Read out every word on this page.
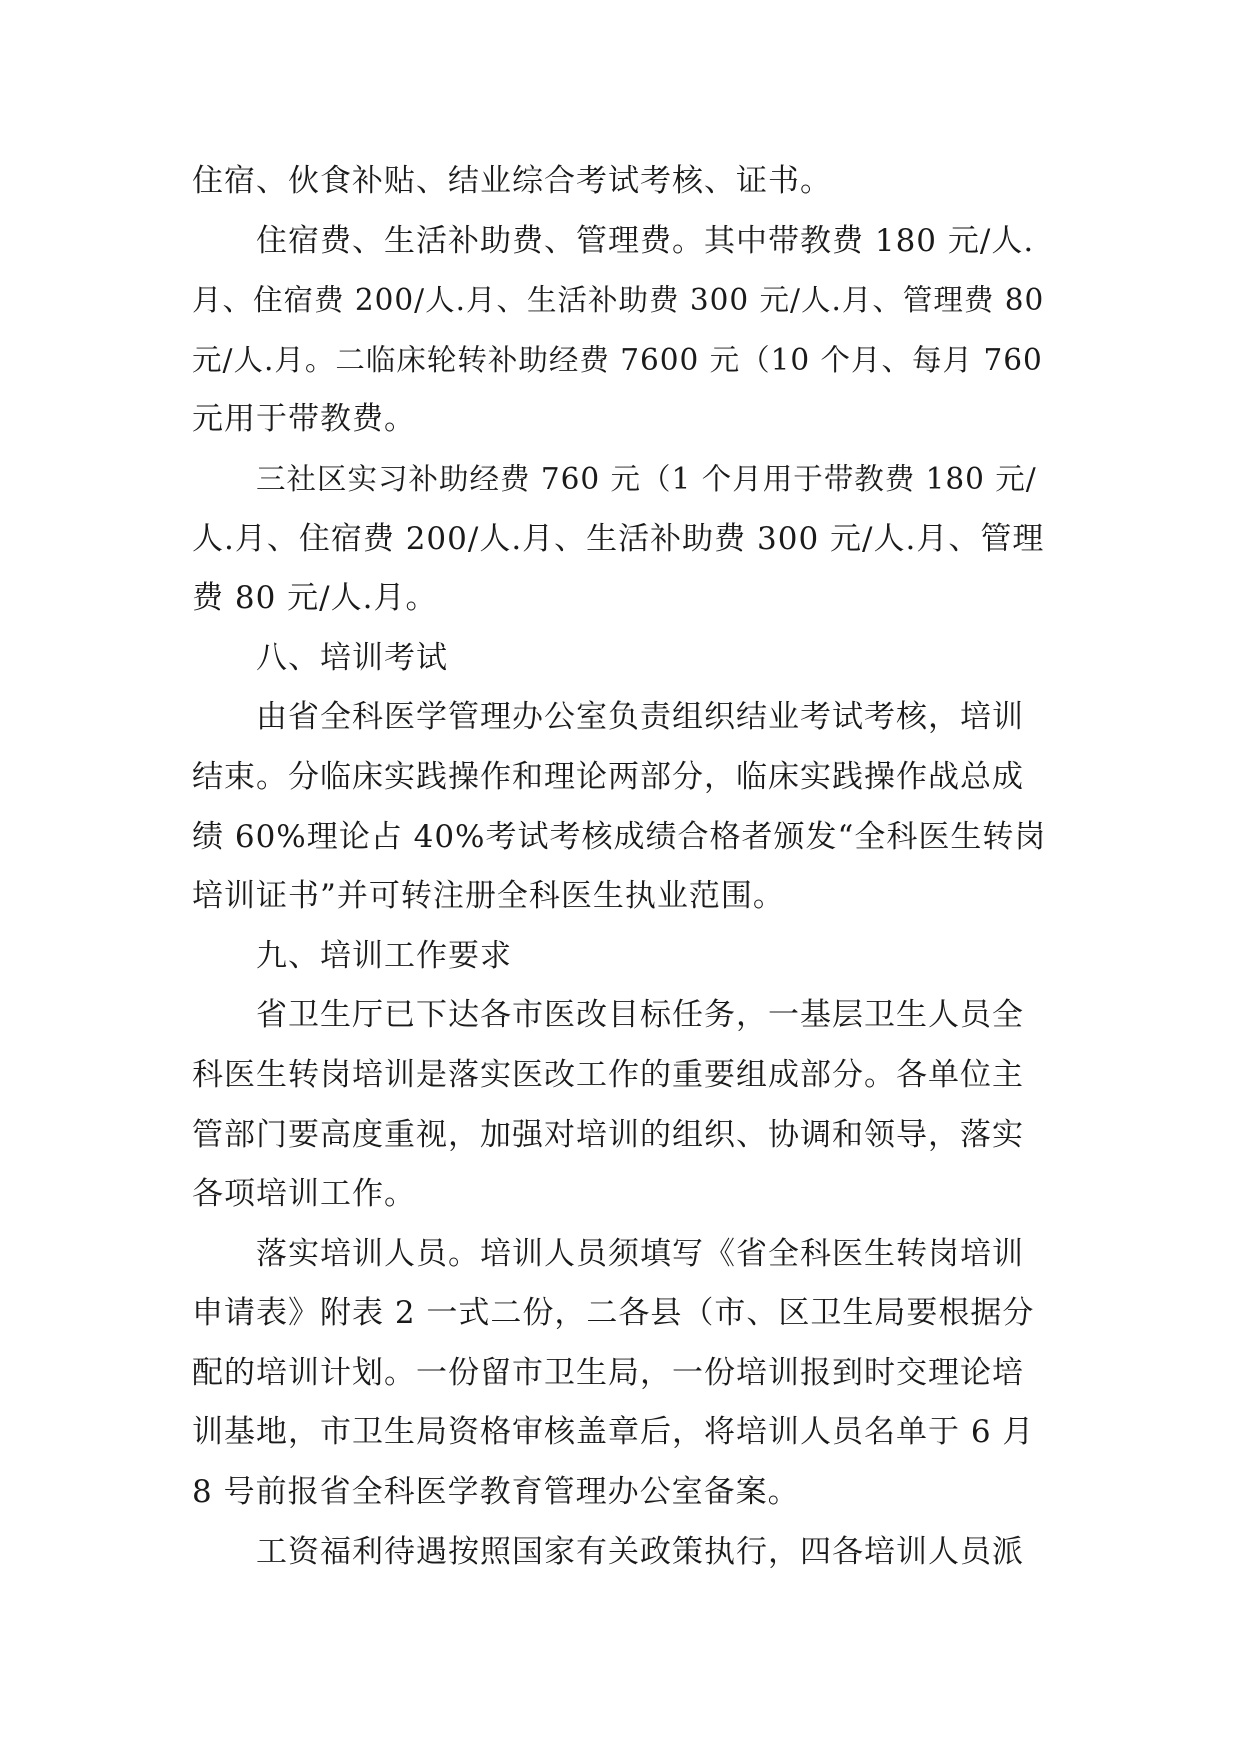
住宿、伙食补贴、结业综合考试考核、证书。
住宿费、生活补助费、管理费。其中带教费 180 元/人.
月、住宿费 200/人.月、生活补助费 300 元/人.月、管理费 80
元/人.月。二临床轮转补助经费 7600 元（10 个月、每月 760
元用于带教费。
三社区实习补助经费 760 元（1 个月用于带教费 180 元/
人.月、住宿费 200/人.月、生活补助费 300 元/人.月、管理
费 80 元/人.月。
八、培训考试
由省全科医学管理办公室负责组织结业考试考核，培训
结束。分临床实践操作和理论两部分，临床实践操作战总成
绩 60%理论占 40%考试考核成绩合格者颁发“全科医生转岗
培训证书”并可转注册全科医生执业范围。
九、培训工作要求
省卫生厅已下达各市医改目标任务，一基层卫生人员全
科医生转岗培训是落实医改工作的重要组成部分。各单位主
管部门要高度重视，加强对培训的组织、协调和领导，落实
各项培训工作。
落实培训人员。培训人员须填写《省全科医生转岗培训
申请表》附表 2 一式二份，二各县（市、区卫生局要根据分
配的培训计划。一份留市卫生局，一份培训报到时交理论培
训基地，市卫生局资格审核盖章后，将培训人员名单于 6 月
8 号前报省全科医学教育管理办公室备案。
工资福利待遇按照国家有关政策执行，四各培训人员派
